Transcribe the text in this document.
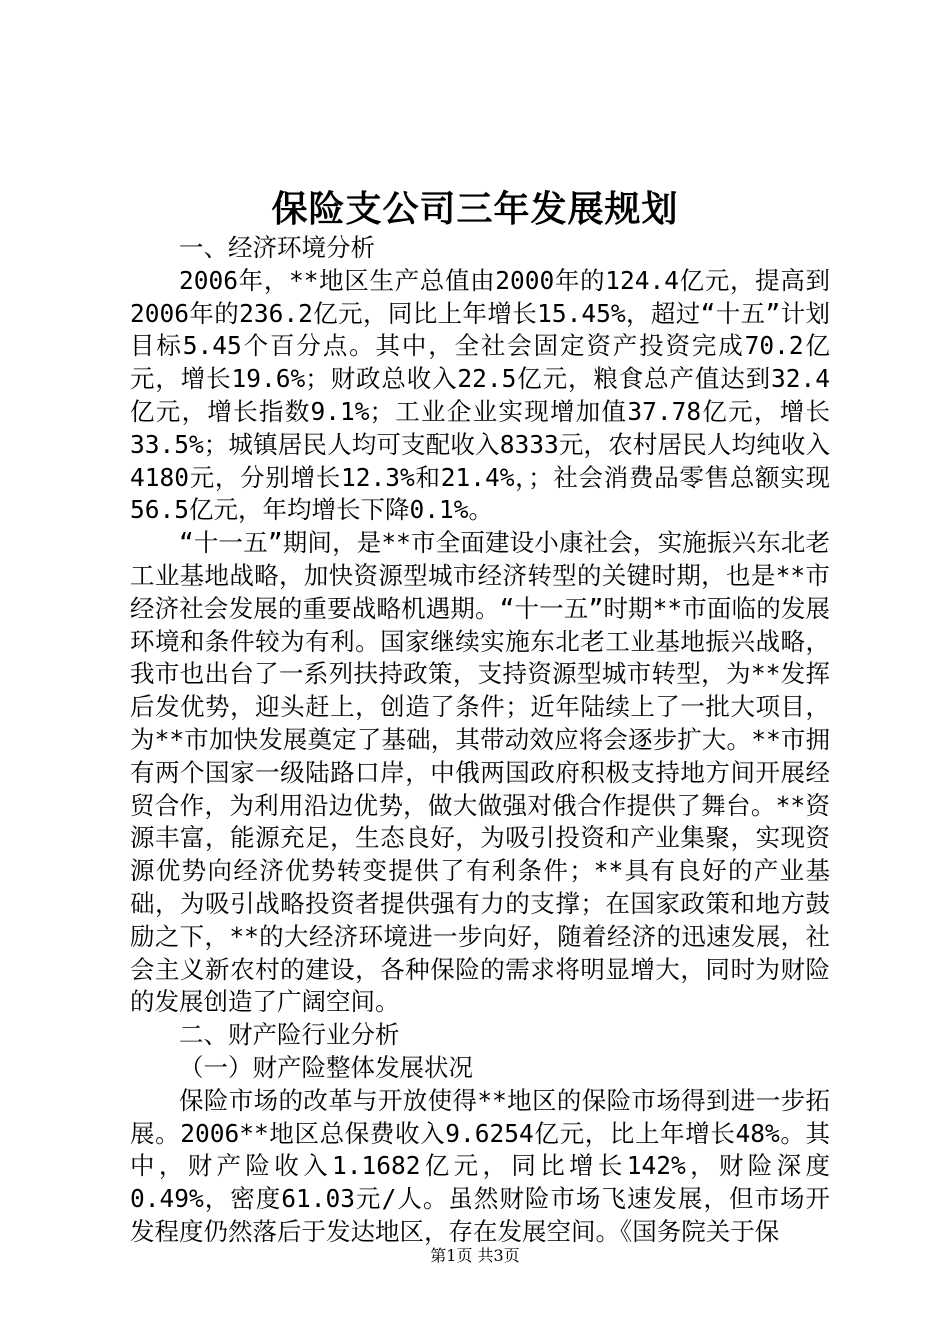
保险支公司三年发展规划

一、经济环境分析

2006年，**地区生产总值由2000年的124.4亿元，提高到2006年的236.2亿元，同比上年增长15.45%，超过“十五”计划目标5.45个百分点。其中，全社会固定资产投资完成70.2亿元，增长19.6%；财政总收入22.5亿元，粮食总产值达到32.4亿元，增长指数9.1%；工业企业实现增加值37.78亿元，增长33.5%；城镇居民人均可支配收入8333元，农村居民人均纯收入4180元，分别增长12.3%和21.4%，；社会消费品零售总额实现56.5亿元，年均增长下降0.1%。

“十一五”期间，是**市全面建设小康社会，实施振兴东北老工业基地战略，加快资源型城市经济转型的关键时期，也是**市经济社会发展的重要战略机遇期。“十一五”时期**市面临的发展环境和条件较为有利。国家继续实施东北老工业基地振兴战略，我市也出台了一系列扶持政策，支持资源型城市转型，为**发挥后发优势，迎头赶上，创造了条件；近年陆续上了一批大项目，为**市加快发展奠定了基础，其带动效应将会逐步扩大。**市拥有两个国家一级陆路口岸，中俄两国政府积极支持地方间开展经贸合作，为利用沿边优势，做大做强对俄合作提供了舞台。**资源丰富，能源充足，生态良好，为吸引投资和产业集聚，实现资源优势向经济优势转变提供了有利条件；**具有良好的产业基础，为吸引战略投资者提供强有力的支撑；在国家政策和地方鼓励之下，**的大经济环境进一步向好，随着经济的迅速发展，社会主义新农村的建设，各种保险的需求将明显增大，同时为财险的发展创造了广阔空间。

二、财产险行业分析

（一）财产险整体发展状况

保险市场的改革与开放使得**地区的保险市场得到进一步拓展。2006**地区总保费收入9.6254亿元，比上年增长48%。其中，财产险收入1.1682亿元，同比增长142%，财险深度0.49%，密度61.03元/人。虽然财险市场飞速发展，但市场开发程度仍然落后于发达地区，存在发展空间。《国务院关于保

第1页 共3页
